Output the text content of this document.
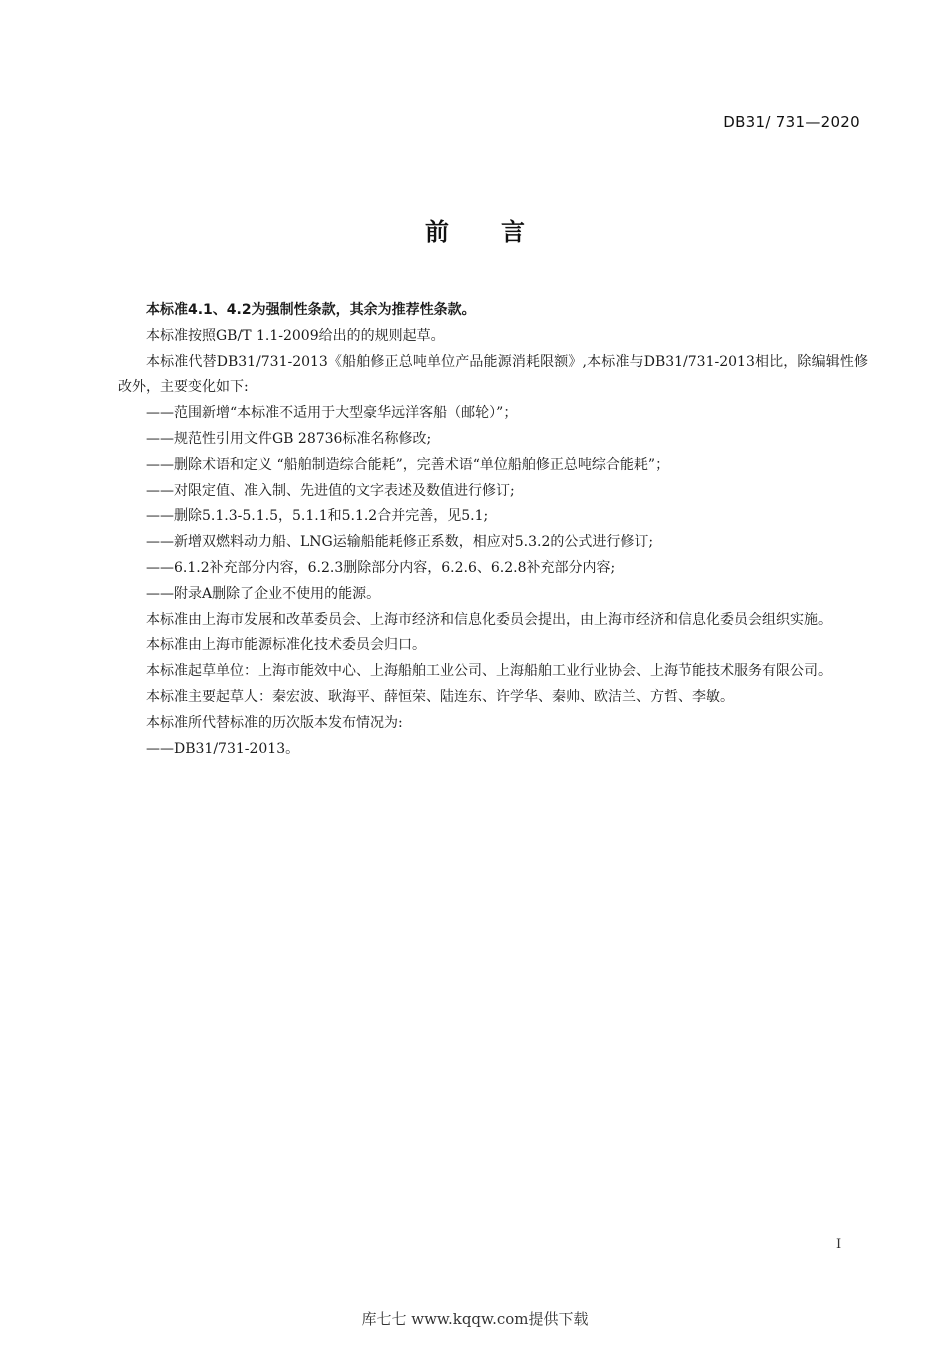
DB31/ 731—2020
前言

本标准4.1、4.2为强制性条款，其余为推荐性条款。

本标准按照GB/T 1.1-2009给出的的规则起草。

本标准代替DB31/731-2013《船舶修正总吨单位产品能源消耗限额》,本标准与DB31/731-2013相比，除编辑性修改外，主要变化如下:

——范围新增“本标准不适用于大型豪华远洋客船（邮轮）”；

——规范性引用文件GB 28736标准名称修改;

——删除术语和定义 “船舶制造综合能耗”，完善术语“单位船舶修正总吨综合能耗”；

——对限定值、准入制、先进值的文字表述及数值进行修订;

——删除5.1.3-5.1.5，5.1.1和5.1.2合并完善，见5.1;

——新增双燃料动力船、LNG运输船能耗修正系数，相应对5.3.2的公式进行修订;

——6.1.2补充部分内容，6.2.3删除部分内容，6.2.6、6.2.8补充部分内容;

——附录A删除了企业不使用的能源。

本标准由上海市发展和改革委员会、上海市经济和信息化委员会提出，由上海市经济和信息化委员会组织实施。

本标准由上海市能源标准化技术委员会归口。

本标准起草单位：上海市能效中心、上海船舶工业公司、上海船舶工业行业协会、上海节能技术服务有限公司。

本标准主要起草人：秦宏波、耿海平、薛恒荣、陆连东、许学华、秦帅、欧洁兰、方哲、李敏。

本标准所代替标准的历次版本发布情况为:

——DB31/731-2013。

I
库七七 www.kqqw.com提供下载
